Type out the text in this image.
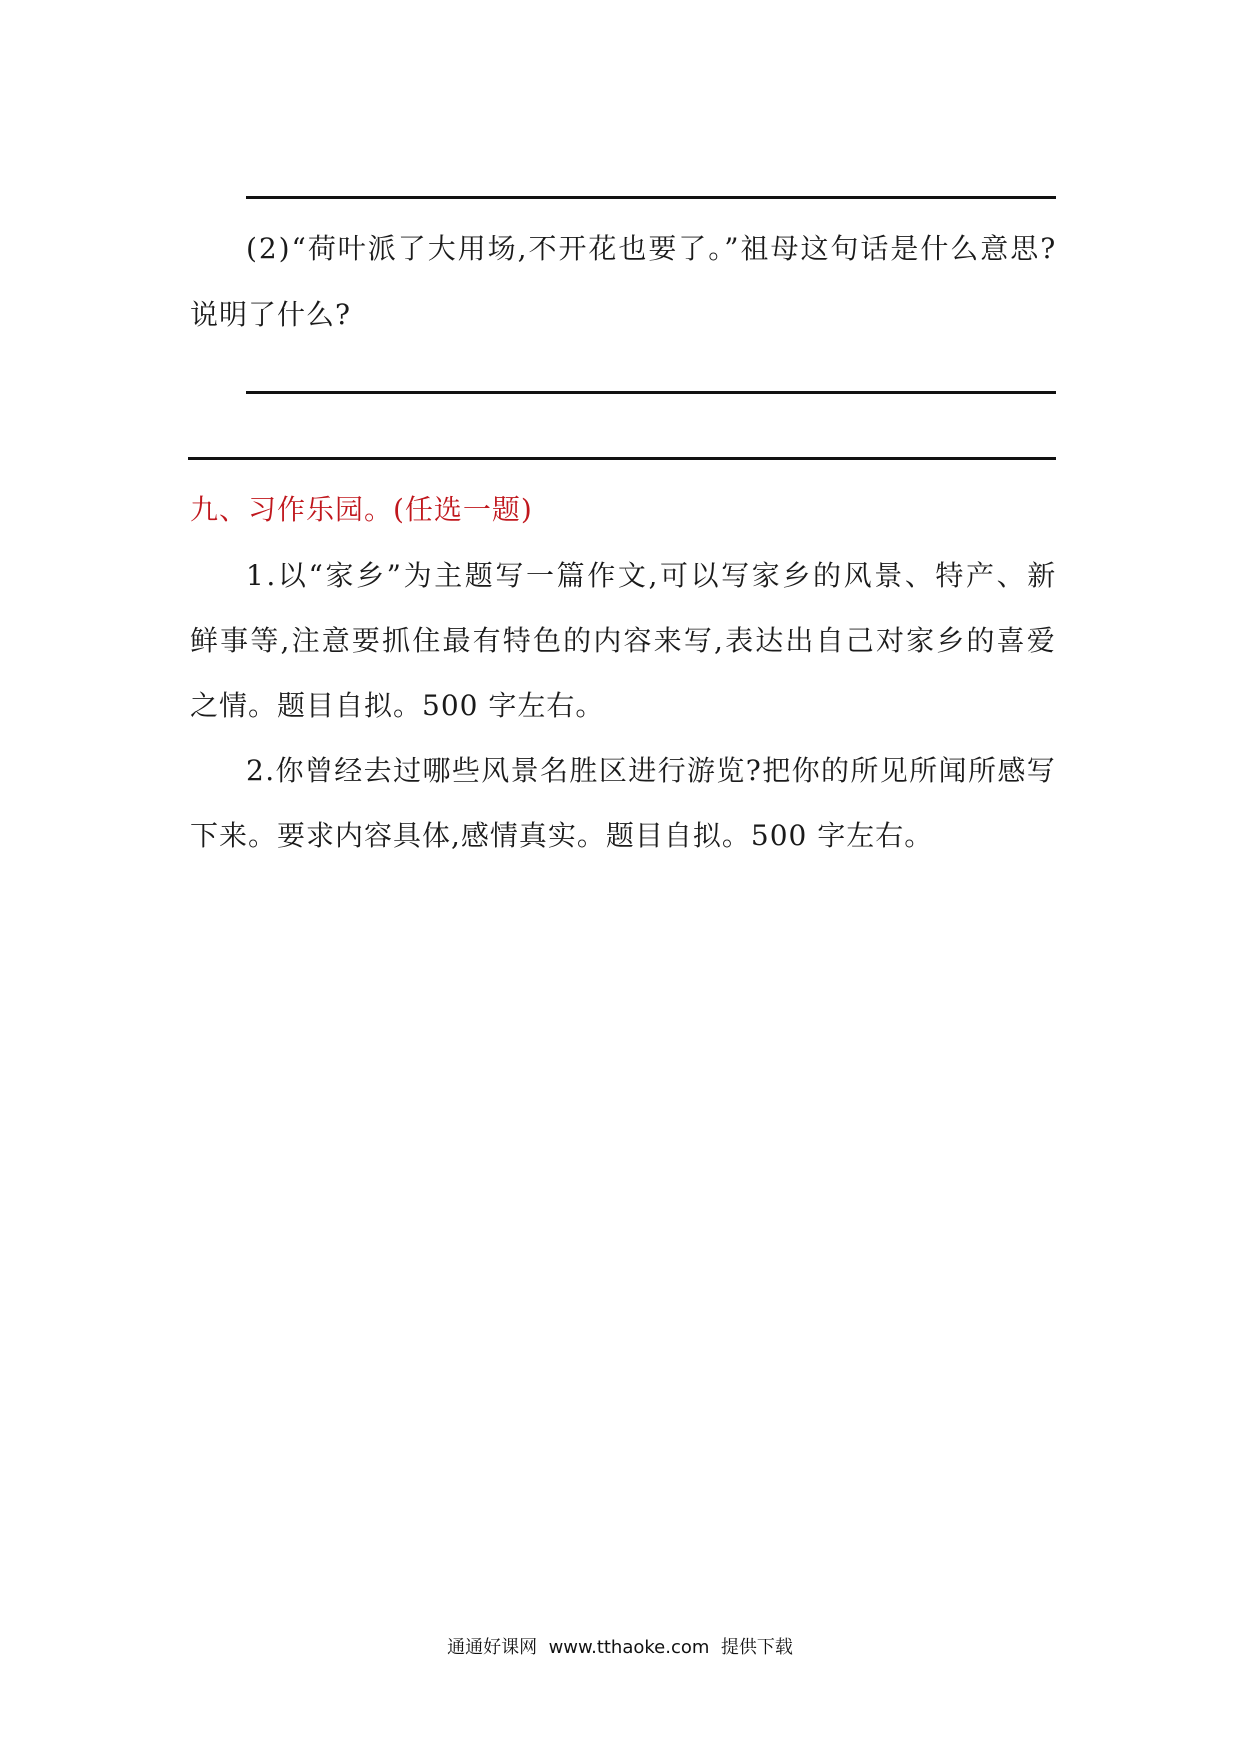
(2)“荷叶派了大用场,不开花也要了。”祖母这句话是什么意思?
说明了什么?
九、习作乐园。(任选一题)
1.以“家乡”为主题写一篇作文,可以写家乡的风景、特产、新
鲜事等,注意要抓住最有特色的内容来写,表达出自己对家乡的喜爱
之情。题目自拟。500 字左右。
2.你曾经去过哪些风景名胜区进行游览?把你的所见所闻所感写
下来。要求内容具体,感情真实。题目自拟。500 字左右。
通通好课网  www.tthaoke.com  提供下载
